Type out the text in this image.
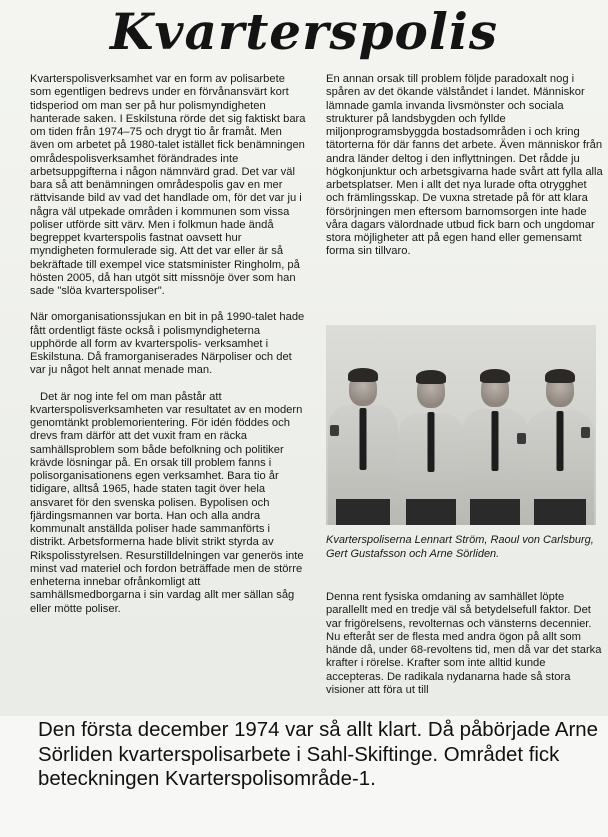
Kvarterspolis

Kvarterspolisverksamhet var en form av polisarbete som egentligen bedrevs under en förvånansvärt kort tidsperiod om man ser på hur polismyndigheten hanterade saken. I Eskilstuna rörde det sig faktiskt bara om tiden från 1974–75 och drygt tio år framåt. Men även om arbetet på 1980-talet istället fick benämningen områdespolisverksamhet förändrades inte arbetsuppgifterna i någon nämnvärd grad. Det var väl bara så att benämningen områdespolis gav en mer rättvisande bild av vad det handlade om, för det var ju i några väl utpekade områden i kommunen som vissa poliser utförde sitt värv. Men i folkmun hade ändå begreppet kvarterspolis fastnat oavsett hur myndigheten formulerade sig. Att det var eller är så bekräftade till exempel vice statsminister Ringholm, på hösten 2005, då han utgöt sitt missnöje över som han sade "slöa kvarterspoliser".

När omorganisationssjukan en bit in på 1990-talet hade fått ordentligt fäste också i polismyndigheterna upphörde all form av kvarterspolis- verksamhet i Eskilstuna. Då framorganiserades Närpoliser och det var ju något helt annat menade man.

Det är nog inte fel om man påstår att kvarterspolisverksamheten var resultatet av en modern genomtänkt problemorientering. För idén föddes och drevs fram därför att det vuxit fram en räcka samhällsproblem som både befolkning och politiker krävde lösningar på. En orsak till problem fanns i polisorganisationens egen verksamhet. Bara tio år tidigare, alltså 1965, hade staten tagit över hela ansvaret för den svenska polisen. Bypolisen och fjärdingsmannen var borta. Han och alla andra kommunalt anställda poliser hade sammanförts i distrikt. Arbetsformerna hade blivit strikt styrda av Rikspolisstyrelsen. Resurstilldelningen var generös inte minst vad materiel och fordon beträffade men de större enheterna innebar ofrånkomligt att samhällsmedborgarna i sin vardag allt mer sällan såg eller mötte poliser.

En annan orsak till problem följde paradoxalt nog i spåren av det ökande välståndet i landet. Människor lämnade gamla invanda livsmönster och sociala strukturer på landsbygden och fyllde miljonprogramsbyggda bostadsområden i och kring tätorterna för där fanns det arbete. Även människor från andra länder deltog i den inflyttningen. Det rådde ju högkonjunktur och arbetsgivarna hade svårt att fylla alla arbetsplatser. Men i allt det nya lurade ofta otrygghet och främlingsskap. De vuxna stretade på för att klara försörjningen men eftersom barnomsorgen inte hade våra dagars välordnade utbud fick barn och ungdomar stora möjligheter att på egen hand eller gemensamt forma sin tillvaro.

Kvarterspoliserna Lennart Ström, Raoul von Carlsburg, Gert Gustafsson och Arne Sörliden.

Denna rent fysiska omdaning av samhället löpte parallellt med en tredje väl så betydelsefull faktor. Det var frigörelsens, revolternas och vänsterns decennier. Nu efteråt ser de flesta med andra ögon på allt som hände då, under 68-revoltens tid, men då var det starka krafter i rörelse. Krafter som inte alltid kunde accepteras. De radikala nydanarna hade så stora visioner att föra ut till

Den första december 1974 var så allt klart. Då påbörjade Arne Sörliden kvarterspolisarbete i Sahl-Skiftinge. Området fick beteckningen Kvarterspolisområde-1.
